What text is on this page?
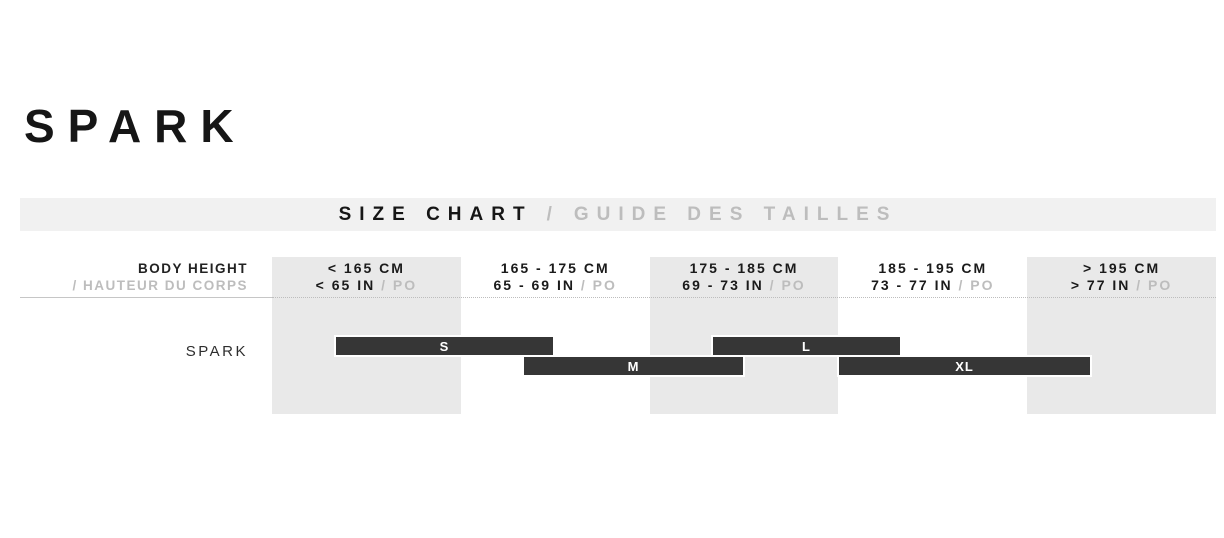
SPARK
SIZE CHART / GUIDE DES TAILLES
BODY HEIGHT
/ HAUTEUR DU CORPS
< 165 CM
< 65 IN / PO
165 - 175 CM
65 - 69 IN / PO
175 - 185 CM
69 - 73 IN / PO
185 - 195 CM
73 - 77 IN / PO
> 195 CM
> 77 IN / PO
SPARK	S
M
L
XL
